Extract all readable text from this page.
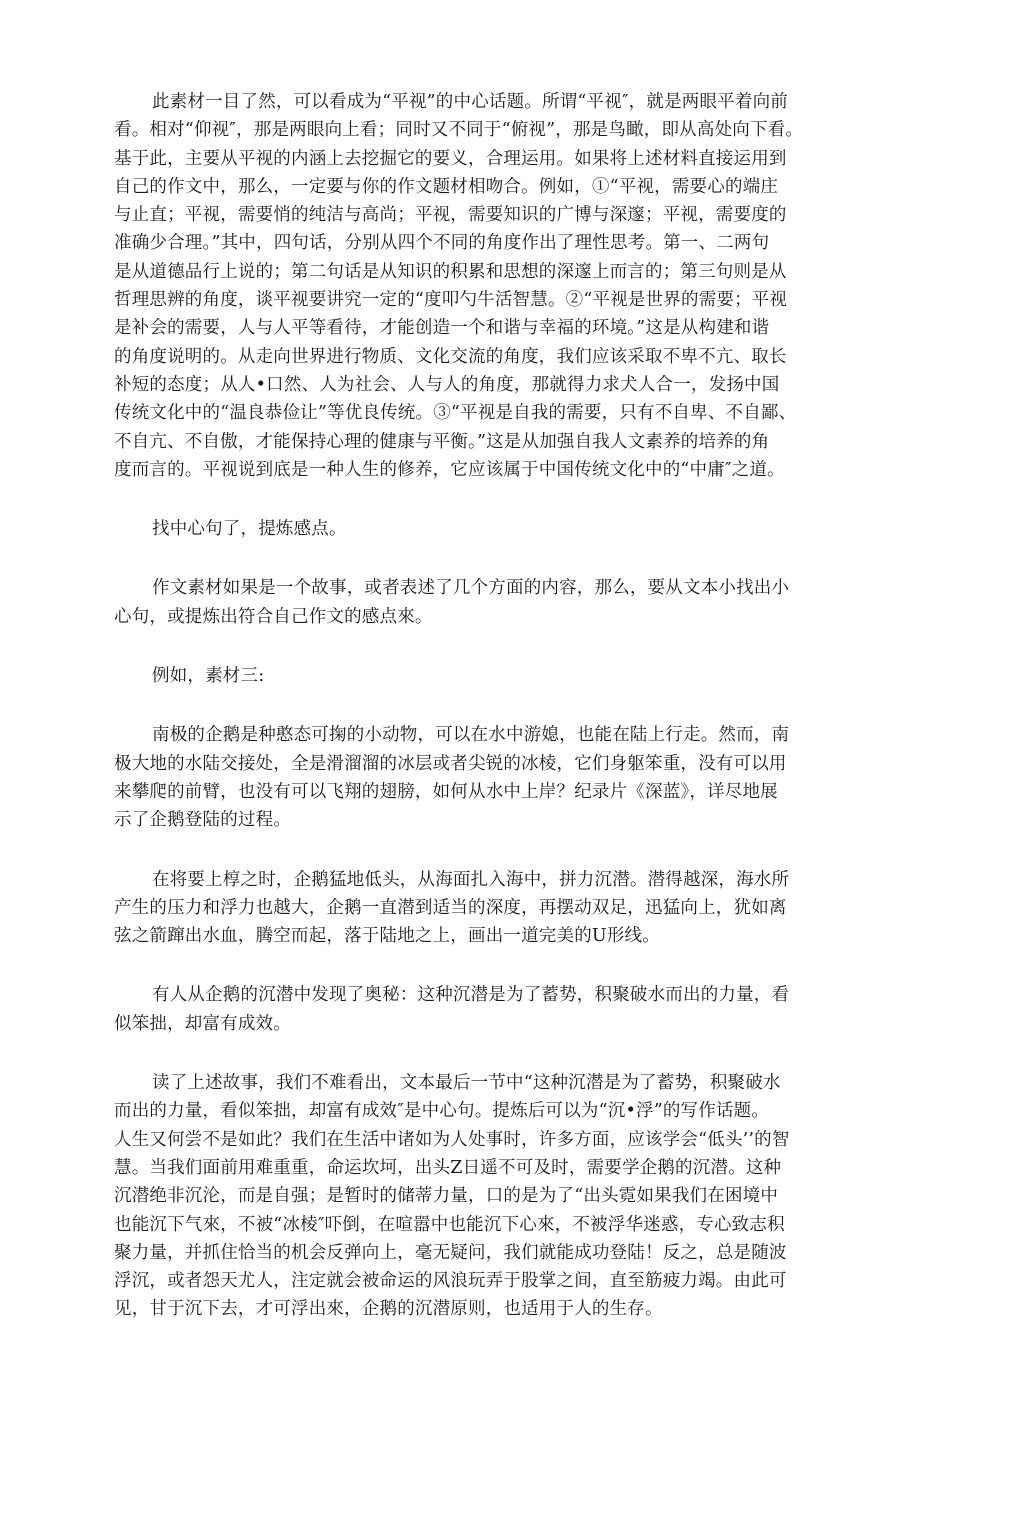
此素材一目了然，可以看成为“平视”的中心话题。所谓“平视″，就是两眼平着向前
看。相对“仰视″，那是两眼向上看；同时又不同于“俯视”，那是鸟瞰，即从高处向下看。
基于此，主要从平视的内涵上去挖掘它的要义，合理运用。如果将上述材料直接运用到
自己的作文中，那么，一定要与你的作文题材相吻合。例如，①“平视，需要心的端庄
与止直；平视，需要悄的纯洁与高尚；平视，需要知识的广博与深邃；平视，需要度的
准确少合理。”其中，四句话，分别从四个不同的角度作出了理性思考。第一、二两句
是从道德品行上说的；第二句话是从知识的积累和思想的深邃上而言的；第三句则是从
哲理思辨的角度，谈平视要讲究一定的“度叩勺牛活智慧。②“平视是世界的需要；平视
是补会的需要，人与人平等看待，才能创造一个和谐与幸福的环境。”这是从构建和谐
的角度说明的。从走向世界进行物质、文化交流的角度，我们应该采取不卑不亢、取长
补短的态度；从人•口然、人为社会、人与人的角度，那就得力求犬人合一，发扬中国
传统文化中的“温良恭俭让”等优良传统。③“平视是自我的需要，只有不自卑、不自鄙、
不自亢、不自傲，才能保持心理的健康与平衡。”这是从加强自我人文素养的培养的角
度而言的。平视说到底是一种人生的修养，它应该属于中国传统文化中的“中庸″之道。
找中心句了，提炼感点。
作文素材如果是一个故事，或者表述了几个方面的内容，那么，要从文本小找出小
心句，或提炼出符合自己作文的感点來。
例如，素材三:
南极的企鹅是种憨态可掬的小动物，可以在水中游媳，也能在陆上行走。然而，南
极大地的水陆交接处，全是滑溜溜的冰层或者尖锐的冰棱，它们身躯笨重，没有可以用
来攀爬的前臂，也没有可以飞翔的翅膀，如何从水中上岸？纪录片《深蓝》，详尽地展
示了企鹅登陆的过程。
在将要上椁之时，企鹅猛地低头，从海面扎入海中，拼力沉潜。潜得越深，海水所
产生的压力和浮力也越大，企鹅一直潜到适当的深度，再摆动双足，迅猛向上，犹如离
弦之箭蹿出水血，腾空而起，落于陆地之上，画出一道完美的U形线。
有人从企鹅的沉潜中发现了奥秘：这种沉潜是为了蓄势，积聚破水而出的力量，看
似笨拙，却富有成效。
读了上述故事，我们不难看出，文本最后一节中“这种沉潜是为了蓄势，积聚破水
而出的力量，看似笨拙，却富有成效″是中心句。提炼后可以为“沉•浮”的写作话题。
人生又何尝不是如此？我们在生活中诸如为人处事时，许多方面，应该学会“低头’’的智
慧。当我们面前用难重重，命运坎坷，出头Z日遥不可及时，需要学企鹅的沉潜。这种
沉潜绝非沉沦，而是自强；是暂时的储蒂力量，口的是为了“出头霓如果我们在困境中
也能沉下气來，不被“冰棱″吓倒，在喧嚣中也能沉下心來，不被浮华迷惑，专心致志积
聚力量，并抓住恰当的机会反弹向上，毫无疑问，我们就能成功登陆！反之，总是随波
浮沉，或者怨天尤人，注定就会被命运的风浪玩弄于股掌之间，直至筋疲力竭。由此可
见，甘于沉下去，才可浮出來，企鹅的沉潜原则，也适用于人的生存。
